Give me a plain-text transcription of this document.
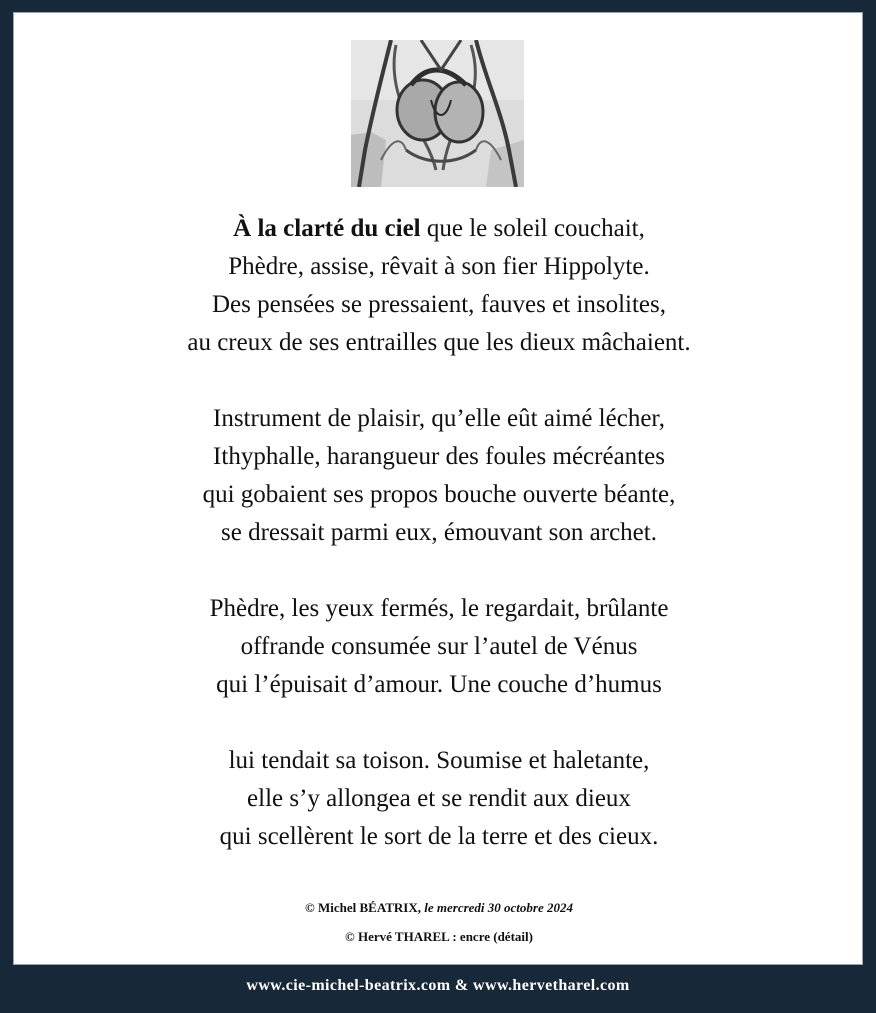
À la clarté du ciel que le soleil couchait,
Phèdre, assise, rêvait à son fier Hippolyte.
Des pensées se pressaient, fauves et insolites,
au creux de ses entrailles que les dieux mâchaient.
Instrument de plaisir, qu’elle eût aimé lécher,
Ithyphalle, harangueur des foules mécréantes
qui gobaient ses propos bouche ouverte béante,
se dressait parmi eux, émouvant son archet.
Phèdre, les yeux fermés, le regardait, brûlante
offrande consumée sur l’autel de Vénus
qui l’épuisait d’amour. Une couche d’humus
lui tendait sa toison. Soumise et haletante,
elle s’y allongea et se rendit aux dieux
qui scellèrent le sort de la terre et des cieux.
© Michel BÉATRIX, le mercredi 30 octobre 2024
© Hervé THAREL : encre (détail)
www.cie-michel-beatrix.com & www.hervetharel.com
